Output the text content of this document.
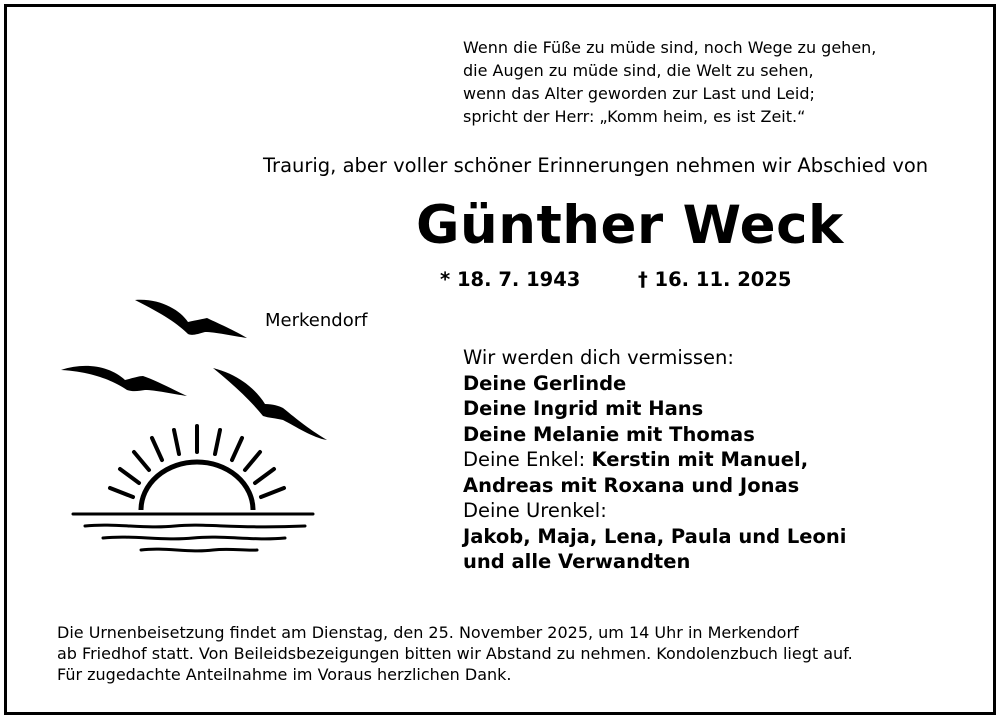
Wenn die Füße zu müde sind, noch Wege zu gehen,
die Augen zu müde sind, die Welt zu sehen,
wenn das Alter geworden zur Last und Leid;
spricht der Herr: „Komm heim, es ist Zeit.“
Traurig, aber voller schöner Erinnerungen nehmen wir Abschied von
Günther Weck
* 18. 7. 1943	† 16. 11. 2025
Merkendorf
Wir werden dich vermissen:
Deine Gerlinde
Deine Ingrid mit Hans
Deine Melanie mit Thomas
Deine Enkel: Kerstin mit Manuel,
Andreas mit Roxana und Jonas
Deine Urenkel:
Jakob, Maja, Lena, Paula und Leoni
und alle Verwandten
Die Urnenbeisetzung findet am Dienstag, den 25. November 2025, um 14 Uhr in Merkendorf
ab Friedhof statt. Von Beileidsbezeigungen bitten wir Abstand zu nehmen. Kondolenzbuch liegt auf.
Für zugedachte Anteilnahme im Voraus herzlichen Dank.
